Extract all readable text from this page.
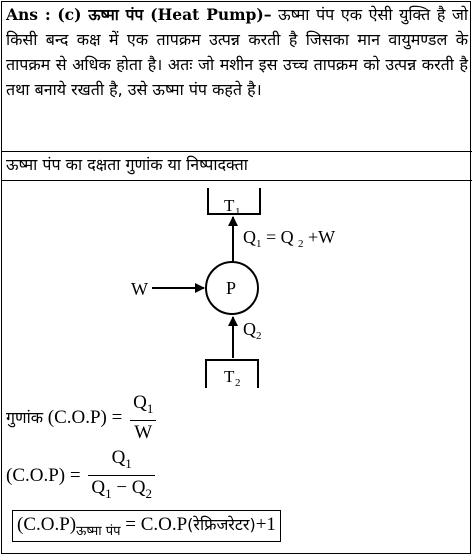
Ans : (c) ऊष्मा पंप (Heat Pump)– ऊष्मा पंप एक ऐसी युक्ति है जो किसी बन्द कक्ष में एक तापक्रम उत्पन्न करती है जिसका मान वायुमण्डल के तापक्रम से अधिक होता है। अतः जो मशीन इस उच्च तापक्रम को उत्पन्न करती है तथा बनाये रखती है, उसे ऊष्मा पंप कहते है।
ऊष्मा पंप का दक्षता गुणांक या निष्पादक्ता
T 1
Q 1 = Q 2 +W
P
W
Q 2
T 2
गुणांक $(C.O.P) = \frac{Q_1}{W}$
$(C.O.P) = \frac{Q_1}{Q_1 - Q_2}$
$(C.O.P)_{ऊष्मा पंप}$ = C.O.P(रेफ्रिजरेटर)+1
